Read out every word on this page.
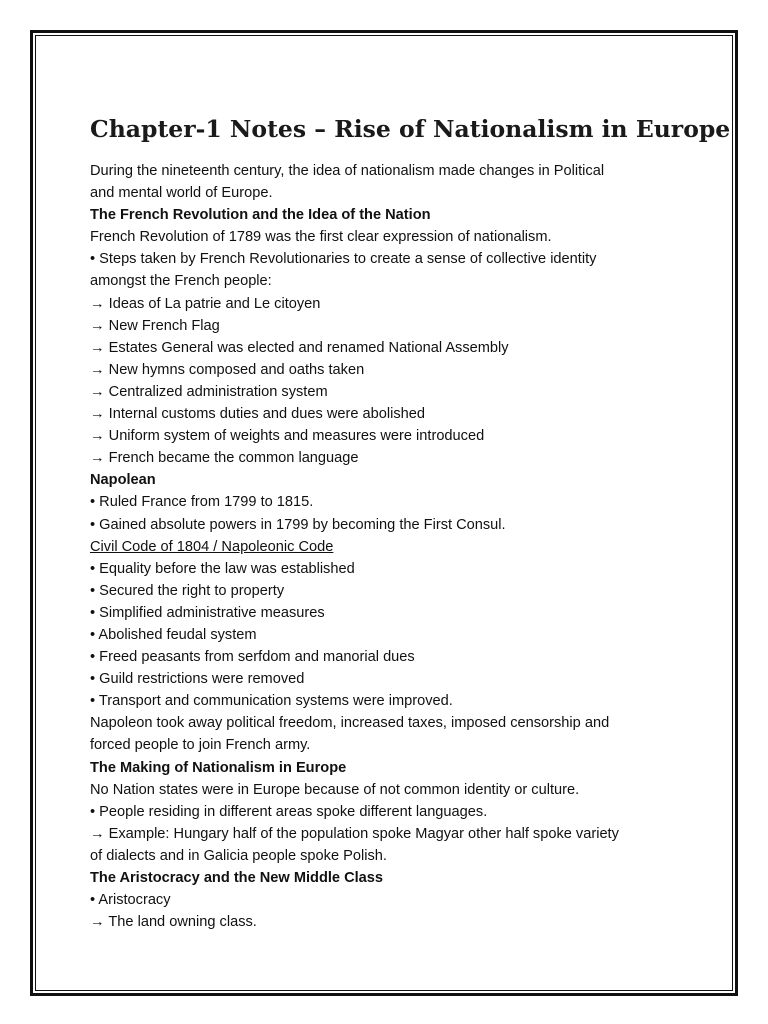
Chapter-1 Notes – Rise of Nationalism in Europe

During the nineteenth century, the idea of nationalism made changes in Political

and mental world of Europe.

The French Revolution and the Idea of the Nation

French Revolution of 1789 was the first clear expression of nationalism.

• Steps taken by French Revolutionaries to create a sense of collective identity

amongst the French people:

→ Ideas of La patrie and Le citoyen

→ New French Flag

→ Estates General was elected and renamed National Assembly

→ New hymns composed and oaths taken

→ Centralized administration system

→ Internal customs duties and dues were abolished

→ Uniform system of weights and measures were introduced

→ French became the common language

Napolean

• Ruled France from 1799 to 1815.

• Gained absolute powers in 1799 by becoming the First Consul.

Civil Code of 1804 / Napoleonic Code

• Equality before the law was established

• Secured the right to property

• Simplified administrative measures

• Abolished feudal system

• Freed peasants from serfdom and manorial dues

• Guild restrictions were removed

• Transport and communication systems were improved.

Napoleon took away political freedom, increased taxes, imposed censorship and

forced people to join French army.

The Making of Nationalism in Europe

No Nation states were in Europe because of not common identity or culture.

• People residing in different areas spoke different languages.

→ Example: Hungary half of the population spoke Magyar other half spoke variety

of dialects and in Galicia people spoke Polish.

The Aristocracy and the New Middle Class

• Aristocracy

→ The land owning class.
